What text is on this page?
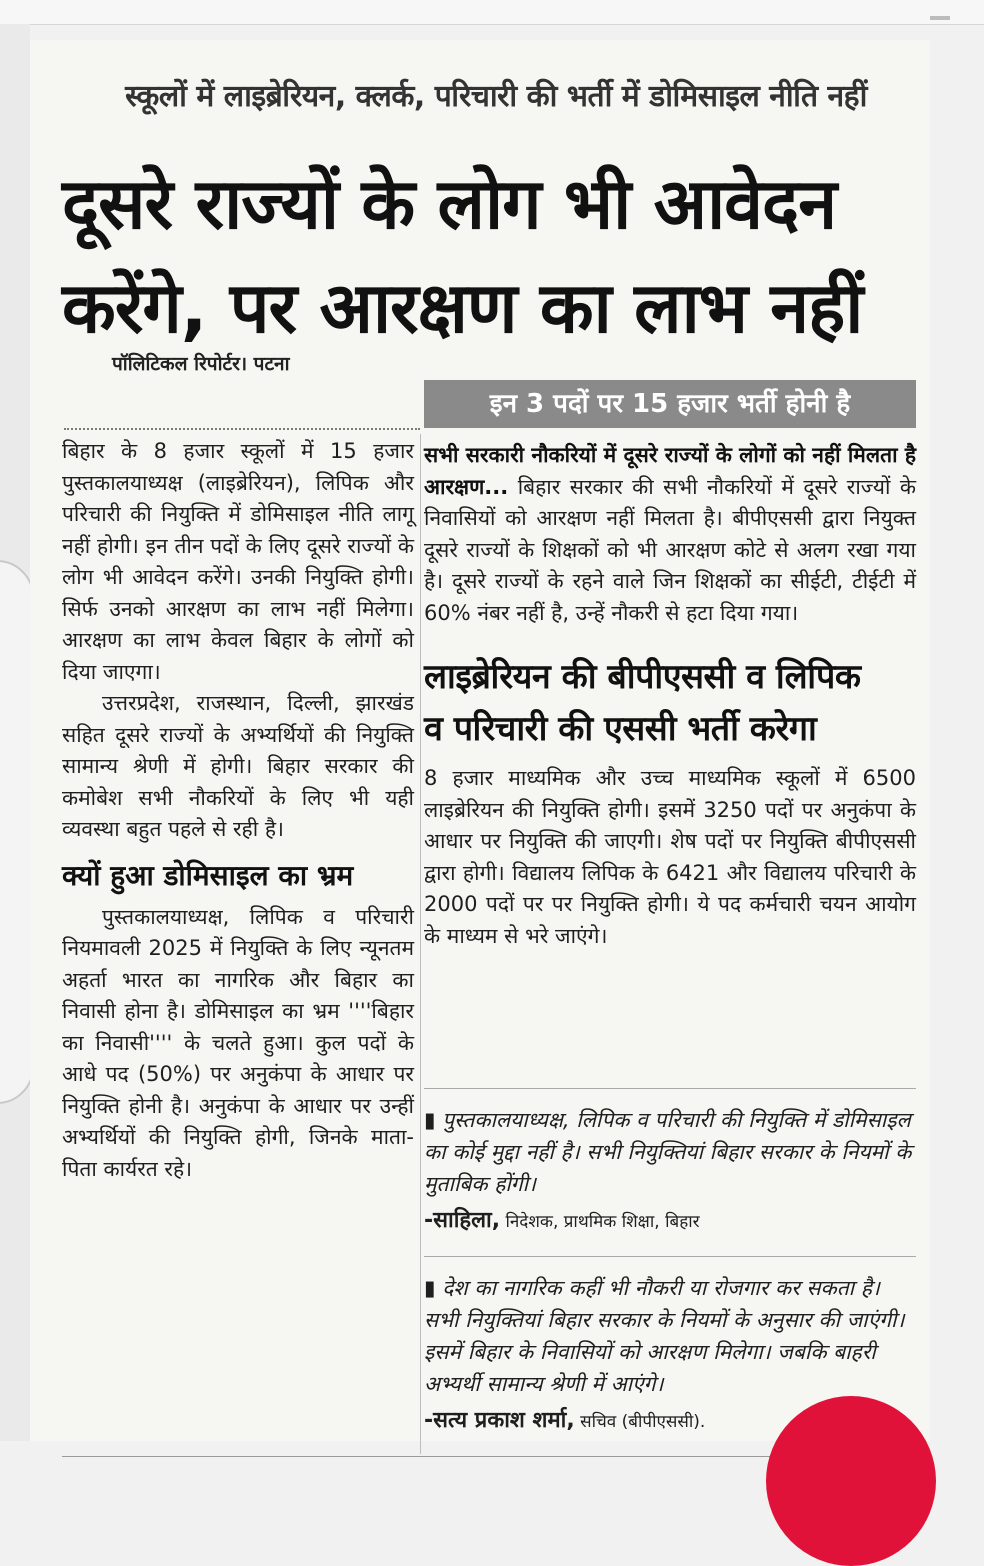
स्कूलों में लाइब्रेरियन, क्लर्क, परिचारी की भर्ती में डोमिसाइल नीति नहीं
दूसरे राज्यों के लोग भी आवेदन
करेंगे, पर आरक्षण का लाभ नहीं
पॉलिटिकल रिपोर्टर। पटना
इन 3 पदों पर 15 हजार भर्ती होनी है

बिहार के 8 हजार स्कूलों में 15 हजार पुस्तकालयाध्यक्ष (लाइब्रेरियन), लिपिक और परिचारी की नियुक्ति में डोमिसाइल नीति लागू नहीं होगी। इन तीन पदों के लिए दूसरे राज्यों के लोग भी आवेदन करेंगे। उनकी नियुक्ति होगी। सिर्फ उनको आरक्षण का लाभ नहीं मिलेगा। आरक्षण का लाभ केवल बिहार के लोगों को दिया जाएगा।

उत्तरप्रदेश, राजस्थान, दिल्ली, झारखंड सहित दूसरे राज्यों के अभ्यर्थियों की नियुक्ति सामान्य श्रेणी में होगी। बिहार सरकार की कमोबेश सभी नौकरियों के लिए भी यही व्यवस्था बहुत पहले से रही है।

क्यों हुआ डोमिसाइल का भ्रम

पुस्तकालयाध्यक्ष, लिपिक व परिचारी नियमावली 2025 में नियुक्ति के लिए न्यूनतम अहर्ता भारत का नागरिक और बिहार का निवासी होना है। डोमिसाइल का भ्रम ''''बिहार का निवासी'''' के चलते हुआ। कुल पदों के आधे पद (50%) पर अनुकंपा के आधार पर नियुक्ति होनी है। अनुकंपा के आधार पर उन्हीं अभ्यर्थियों की नियुक्ति होगी, जिनके माता-पिता कार्यरत रहे।

सभी सरकारी नौकरियों में दूसरे राज्यों के लोगों को नहीं मिलता है आरक्षण... बिहार सरकार की सभी नौकरियों में दूसरे राज्यों के निवासियों को आरक्षण नहीं मिलता है। बीपीएससी द्वारा नियुक्त दूसरे राज्यों के शिक्षकों को भी आरक्षण कोटे से अलग रखा गया है। दूसरे राज्यों के रहने वाले जिन शिक्षकों का सीईटी, टीईटी में 60% नंबर नहीं है, उन्हें नौकरी से हटा दिया गया।

लाइब्रेरियन की बीपीएससी व लिपिक
व परिचारी की एससी भर्ती करेगा

8 हजार माध्यमिक और उच्च माध्यमिक स्कूलों में 6500 लाइब्रेरियन की नियुक्ति होगी। इसमें 3250 पदों पर अनुकंपा के आधार पर नियुक्ति की जाएगी। शेष पदों पर नियुक्ति बीपीएससी द्वारा होगी। विद्यालय लिपिक के 6421 और विद्यालय परिचारी के 2000 पदों पर पर नियुक्ति होगी। ये पद कर्मचारी चयन आयोग के माध्यम से भरे जाएंगे।

▮ पुस्तकालयाध्यक्ष, लिपिक व परिचारी की नियुक्ति में डोमिसाइल का कोई मुद्दा नहीं है। सभी नियुक्तियां बिहार सरकार के नियमों के मुताबिक होंगी।

-साहिला, निदेशक, प्राथमिक शिक्षा, बिहार

▮ देश का नागरिक कहीं भी नौकरी या रोजगार कर सकता है। सभी नियुक्तियां बिहार सरकार के नियमों के अनुसार की जाएंगी। इसमें बिहार के निवासियों को आरक्षण मिलेगा। जबकि बाहरी अभ्यर्थी सामान्य श्रेणी में आएंगे।

-सत्य प्रकाश शर्मा, सचिव (बीपीएससी).
